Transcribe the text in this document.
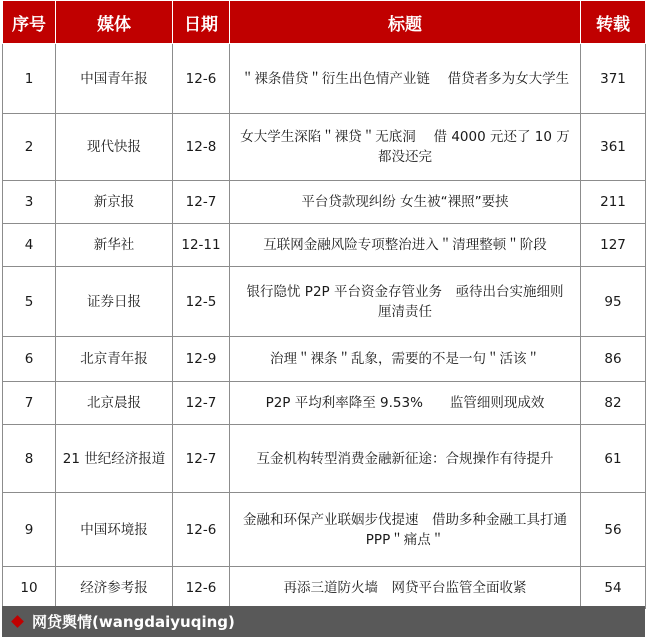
序号	媒体	日期	标题	转载
1	中国青年报	12-6	＂裸条借贷＂衍生出色情产业链　 借贷者多为女大学生	371
2	现代快报	12-8	女大学生深陷＂裸贷＂无底洞　 借 4000 元还了 10 万都没还完	361
3	新京报	12-7	平台贷款现纠纷 女生被“裸照”要挟	211
4	新华社	12-11	互联网金融风险专项整治进入＂清理整顿＂阶段	127
5	证券日报	12-5	银行隐忧 P2P 平台资金存管业务　亟待出台实施细则厘清责任	95
6	北京青年报	12-9	治理＂裸条＂乱象，需要的不是一句＂活该＂	86
7	北京晨报	12-7	P2P 平均利率降至 9.53%　　监管细则现成效	82
8	21 世纪经济报道	12-7	互金机构转型消费金融新征途：合规操作有待提升	61
9	中国环境报	12-6	金融和环保产业联姻步伐提速　借助多种金融工具打通 PPP＂痛点＂	56
10	经济参考报	12-6	再添三道防火墙　网贷平台监管全面收紧	54
网贷舆情(wangdaiyuqing)
